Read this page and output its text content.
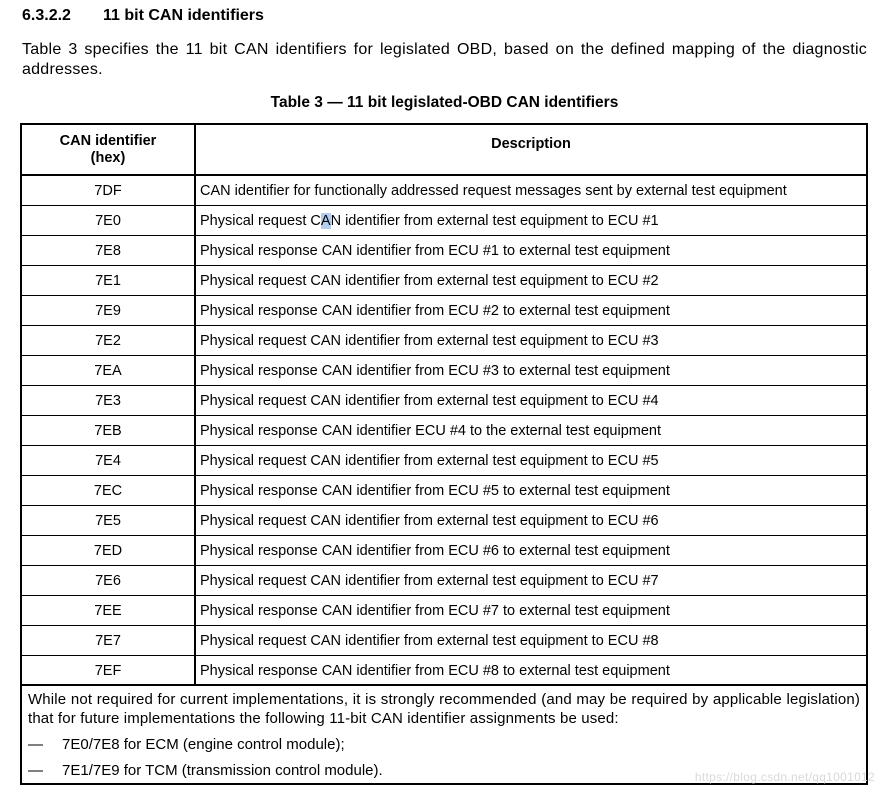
6.3.2.2 11 bit CAN identifiers
Table 3 specifies the 11 bit CAN identifiers for legislated OBD, based on the defined mapping of the diagnostic addresses.
Table 3 — 11 bit legislated-OBD CAN identifiers
CAN identifier
(hex)	Description

7DF	CAN identifier for functionally addressed request messages sent by external test equipment
7E0	Physical request CAN identifier from external test equipment to ECU #1
7E8	Physical response CAN identifier from ECU #1 to external test equipment
7E1	Physical request CAN identifier from external test equipment to ECU #2
7E9	Physical response CAN identifier from ECU #2 to external test equipment
7E2	Physical request CAN identifier from external test equipment to ECU #3
7EA	Physical response CAN identifier from ECU #3 to external test equipment
7E3	Physical request CAN identifier from external test equipment to ECU #4
7EB	Physical response CAN identifier ECU #4 to the external test equipment
7E4	Physical request CAN identifier from external test equipment to ECU #5
7EC	Physical response CAN identifier from ECU #5 to external test equipment
7E5	Physical request CAN identifier from external test equipment to ECU #6
7ED	Physical response CAN identifier from ECU #6 to external test equipment
7E6	Physical request CAN identifier from external test equipment to ECU #7
7EE	Physical response CAN identifier from ECU #7 to external test equipment
7E7	Physical request CAN identifier from external test equipment to ECU #8
7EF	Physical response CAN identifier from ECU #8 to external test equipment

While not required for current implementations, it is strongly recommended (and may be required by applicable legislation) that for future implementations the following 11-bit CAN identifier assignments be used:

—	7E0/7E8 for ECM (engine control module);
—	7E1/7E9 for TCM (transmission control module).	https://blog.csdn.net/qq1001012
